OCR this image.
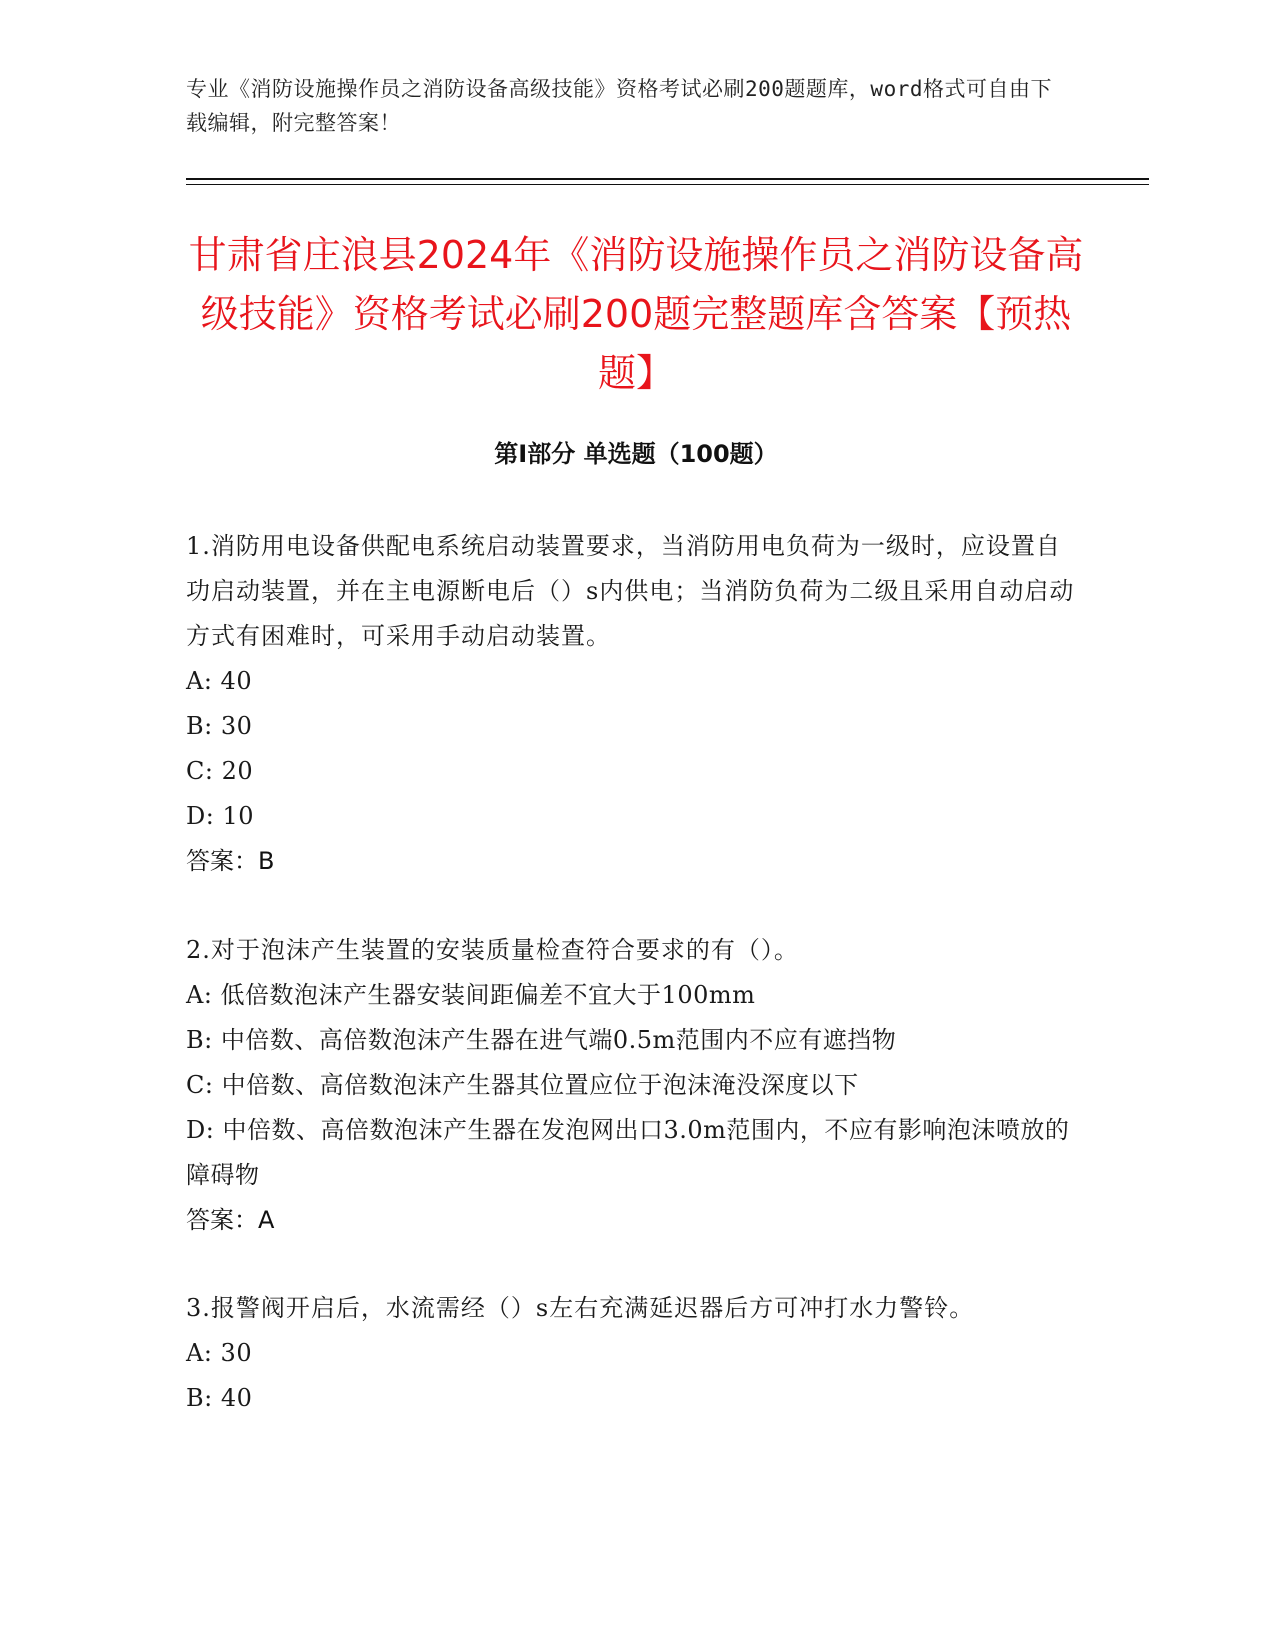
专业《消防设施操作员之消防设备高级技能》资格考试必刷200题题库，word格式可自由下载编辑，附完整答案！
甘肃省庄浪县2024年《消防设施操作员之消防设备高级技能》资格考试必刷200题完整题库含答案【预热题】
第Ⅰ部分 单选题（100题）
1.消防用电设备供配电系统启动装置要求，当消防用电负荷为一级时，应设置自功启动装置，并在主电源断电后（）s内供电；当消防负荷为二级且采用自动启动方式有困难时，可采用手动启动装置。
A: 40
B: 30
C: 20
D: 10
答案：B
2.对于泡沫产生装置的安装质量检查符合要求的有（）。
A: 低倍数泡沫产生器安装间距偏差不宜大于100mm
B: 中倍数、高倍数泡沫产生器在进气端0.5m范围内不应有遮挡物
C: 中倍数、高倍数泡沫产生器其位置应位于泡沫淹没深度以下
D: 中倍数、高倍数泡沫产生器在发泡网出口3.0m范围内，不应有影响泡沫喷放的障碍物
答案：A
3.报警阀开启后，水流需经（）s左右充满延迟器后方可冲打水力警铃。
A: 30
B: 40
